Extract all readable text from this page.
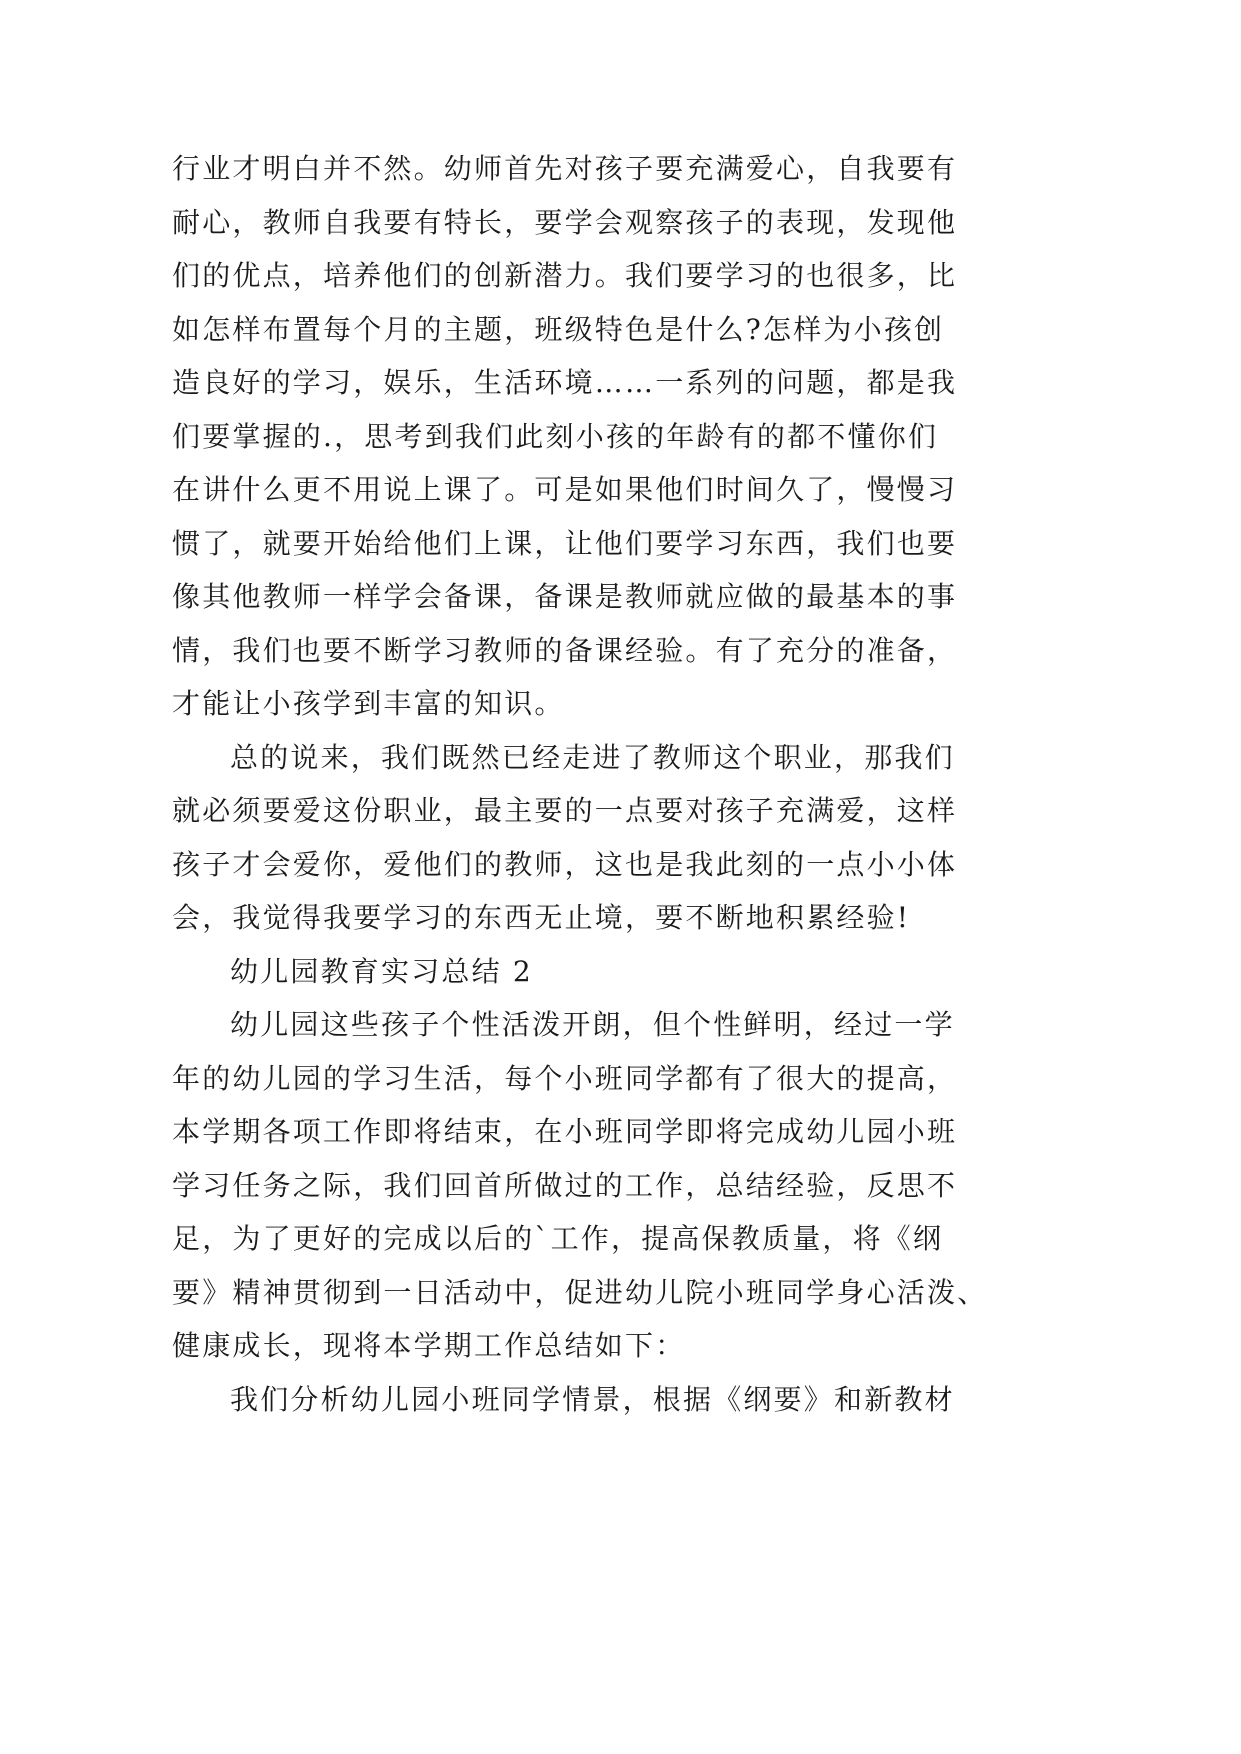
行业才明白并不然。幼师首先对孩子要充满爱心，自我要有
耐心，教师自我要有特长，要学会观察孩子的表现，发现他
们的优点，培养他们的创新潜力。我们要学习的也很多，比
如怎样布置每个月的主题，班级特色是什么?怎样为小孩创
造良好的学习，娱乐，生活环境……一系列的问题，都是我
们要掌握的.，思考到我们此刻小孩的年龄有的都不懂你们
在讲什么更不用说上课了。可是如果他们时间久了，慢慢习
惯了，就要开始给他们上课，让他们要学习东西，我们也要
像其他教师一样学会备课，备课是教师就应做的最基本的事
情，我们也要不断学习教师的备课经验。有了充分的准备，
才能让小孩学到丰富的知识。
总的说来，我们既然已经走进了教师这个职业，那我们
就必须要爱这份职业，最主要的一点要对孩子充满爱，这样
孩子才会爱你，爱他们的教师，这也是我此刻的一点小小体
会，我觉得我要学习的东西无止境，要不断地积累经验!
幼儿园教育实习总结 2
幼儿园这些孩子个性活泼开朗，但个性鲜明，经过一学
年的幼儿园的学习生活，每个小班同学都有了很大的提高，
本学期各项工作即将结束，在小班同学即将完成幼儿园小班
学习任务之际，我们回首所做过的工作，总结经验，反思不
足，为了更好的完成以后的`工作，提高保教质量，将《纲
要》精神贯彻到一日活动中，促进幼儿院小班同学身心活泼、
健康成长，现将本学期工作总结如下：
我们分析幼儿园小班同学情景，根据《纲要》和新教材
